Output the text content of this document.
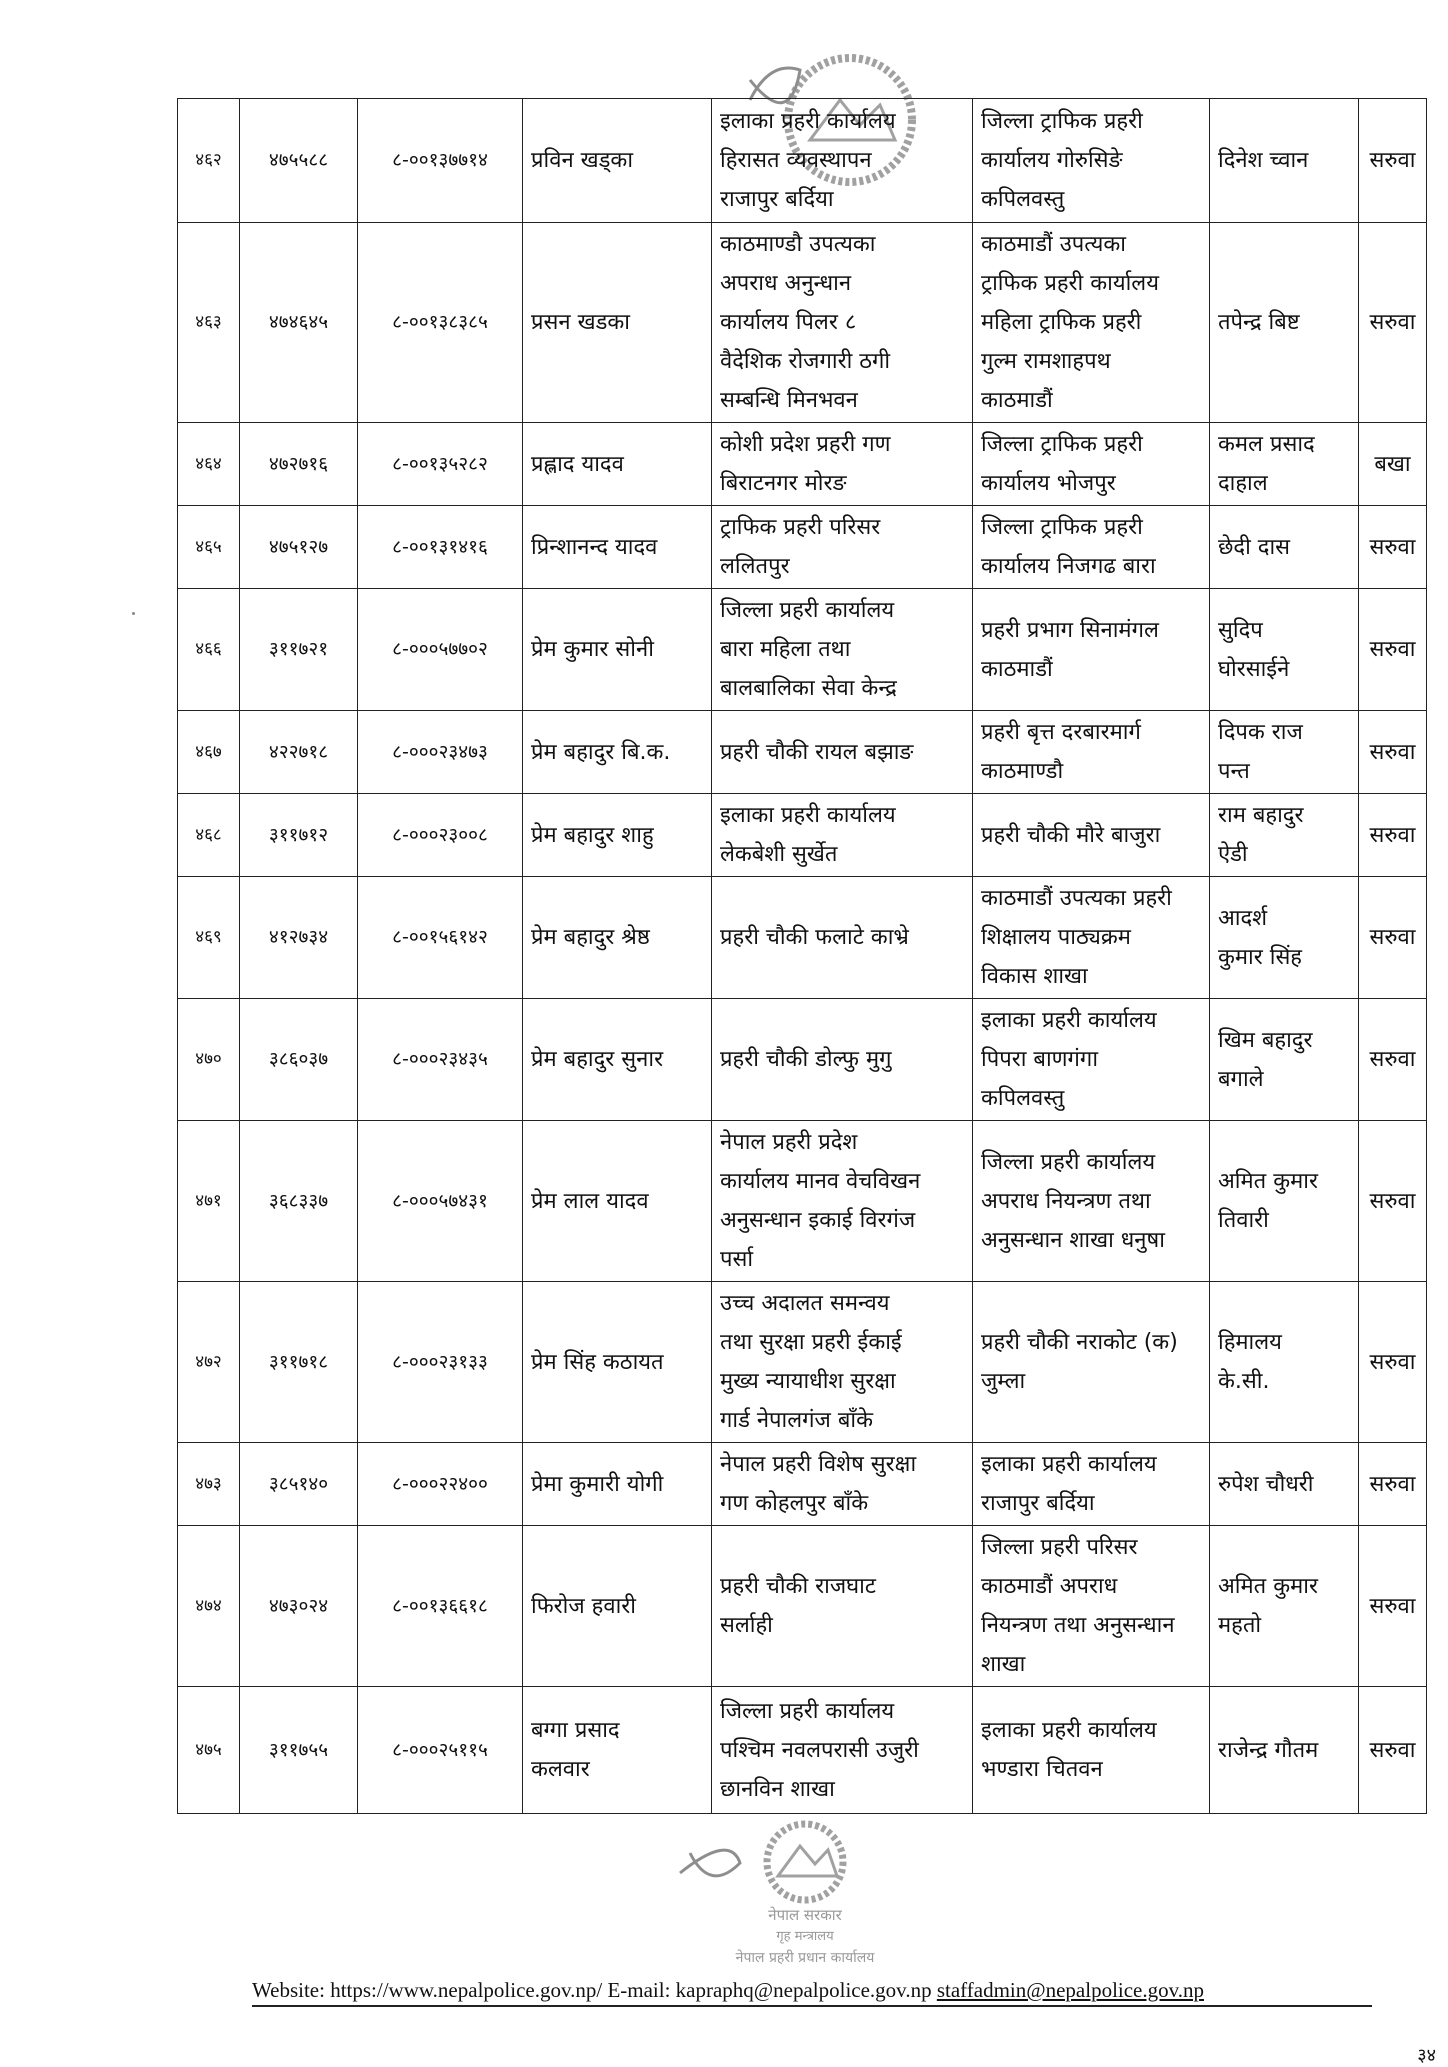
४६२	४७५५८८	८-००१३७७१४	प्रविन खड्का	इलाका प्रहरी कार्यालय
हिरासत व्यवस्थापन
राजापुर बर्दिया	जिल्ला ट्राफिक प्रहरी
कार्यालय गोरुसिङे
कपिलवस्तु	दिनेश च्वान	सरुवा
४६३	४७४६४५	८-००१३८३८५	प्रसन खडका	काठमाण्डौ उपत्यका
अपराध अनुन्धान
कार्यालय पिलर ८
वैदेशिक रोजगारी ठगी
सम्बन्धि मिनभवन	काठमाडौं उपत्यका
ट्राफिक प्रहरी कार्यालय
महिला ट्राफिक प्रहरी
गुल्म रामशाहपथ
काठमाडौं	तपेन्द्र बिष्ट	सरुवा
४६४	४७२७१६	८-००१३५२८२	प्रह्लाद यादव	कोशी प्रदेश प्रहरी गण
बिराटनगर मोरङ	जिल्ला ट्राफिक प्रहरी
कार्यालय भोजपुर	कमल प्रसाद
दाहाल	बखा
४६५	४७५१२७	८-००१३१४१६	प्रिन्शानन्द यादव	ट्राफिक प्रहरी परिसर
ललितपुर	जिल्ला ट्राफिक प्रहरी
कार्यालय निजगढ बारा	छेदी दास	सरुवा
४६६	३११७२१	८-०००५७७०२	प्रेम कुमार सोनी	जिल्ला प्रहरी कार्यालय
बारा महिला तथा
बालबालिका सेवा केन्द्र	प्रहरी प्रभाग सिनामंगल
काठमाडौं	सुदिप
घोरसाईने	सरुवा
४६७	४२२७१८	८-०००२३४७३	प्रेम बहादुर बि.क.	प्रहरी चौकी रायल बझाङ	प्रहरी बृत्त दरबारमार्ग
काठमाण्डौ	दिपक राज
पन्त	सरुवा
४६८	३११७१२	८-०००२३००८	प्रेम बहादुर शाहु	इलाका प्रहरी कार्यालय
लेकबेशी सुर्खेत	प्रहरी चौकी मौरे बाजुरा	राम बहादुर
ऐडी	सरुवा
४६९	४१२७३४	८-००१५६१४२	प्रेम बहादुर श्रेष्ठ	प्रहरी चौकी फलाटे काभ्रे	काठमाडौं उपत्यका प्रहरी
शिक्षालय पाठ्यक्रम
विकास शाखा	आदर्श
कुमार सिंह	सरुवा
४७०	३८६०३७	८-०००२३४३५	प्रेम बहादुर सुनार	प्रहरी चौकी डोल्फु मुगु	इलाका प्रहरी कार्यालय
पिपरा बाणगंगा
कपिलवस्तु	खिम बहादुर
बगाले	सरुवा
४७१	३६८३३७	८-०००५७४३१	प्रेम लाल यादव	नेपाल प्रहरी प्रदेश
कार्यालय मानव वेचविखन
अनुसन्धान इकाई विरगंज
पर्सा	जिल्ला प्रहरी कार्यालय
अपराध नियन्त्रण तथा
अनुसन्धान शाखा धनुषा	अमित कुमार
तिवारी	सरुवा
४७२	३११७१८	८-०००२३१३३	प्रेम सिंह कठायत	उच्च अदालत समन्वय
तथा सुरक्षा प्रहरी ईकाई
मुख्य न्यायाधीश सुरक्षा
गार्ड नेपालगंज बाँके	प्रहरी चौकी नराकोट (क)
जुम्ला	हिमालय
के.सी.	सरुवा
४७३	३८५१४०	८-०००२२४००	प्रेमा कुमारी योगी	नेपाल प्रहरी विशेष सुरक्षा
गण कोहलपुर बाँके	इलाका प्रहरी कार्यालय
राजापुर बर्दिया	रुपेश चौधरी	सरुवा
४७४	४७३०२४	८-००१३६६१८	फिरोज हवारी	प्रहरी चौकी राजघाट
सर्लाही	जिल्ला प्रहरी परिसर
काठमाडौं अपराध
नियन्त्रण तथा अनुसन्धान
शाखा	अमित कुमार
महतो	सरुवा
४७५	३११७५५	८-०००२५११५	बग्गा प्रसाद
कलवार	जिल्ला प्रहरी कार्यालय
पश्चिम नवलपरासी उजुरी
छानविन शाखा	इलाका प्रहरी कार्यालय
भण्डारा चितवन	राजेन्द्र गौतम	सरुवा
नेपाल सरकार
गृह मन्त्रालय
नेपाल प्रहरी प्रधान कार्यालय
Website: https://www.nepalpolice.gov.np/ E-mail: kapraphq@nepalpolice.gov.np staffadmin@nepalpolice.gov.np
३४
